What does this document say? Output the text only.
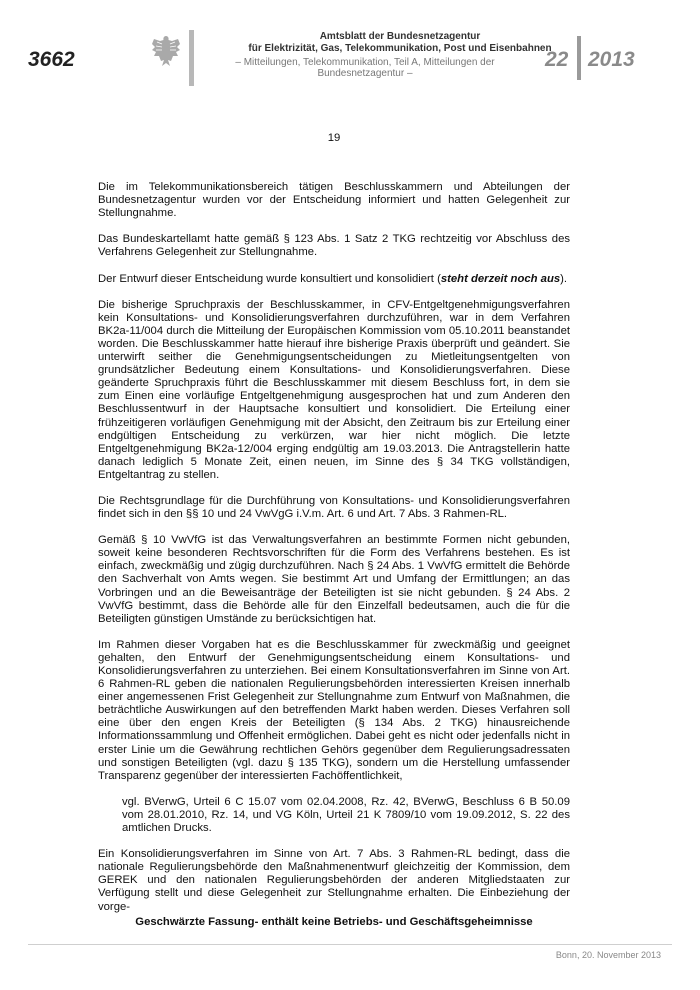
3662
Amtsblatt der Bundesnetzagentur
für Elektrizität, Gas, Telekommunikation, Post und Eisenbahnen
– Mitteilungen, Telekommunikation, Teil A, Mitteilungen der Bundesnetzagentur –
22 2013
19

Die im Telekommunikationsbereich tätigen Beschlusskammern und Abteilungen der Bundesnetzagentur wurden vor der Entscheidung informiert und hatten Gelegenheit zur Stellungnahme.

Das Bundeskartellamt hatte gemäß § 123 Abs. 1 Satz 2 TKG rechtzeitig vor Abschluss des Verfahrens Gelegenheit zur Stellungnahme.

Der Entwurf dieser Entscheidung wurde konsultiert und konsolidiert (steht derzeit noch aus).

Die bisherige Spruchpraxis der Beschlusskammer, in CFV-Entgeltgenehmigungsverfahren kein Konsultations- und Konsolidierungsverfahren durchzuführen, war in dem Verfahren BK2a-11/004 durch die Mitteilung der Europäischen Kommission vom 05.10.2011 beanstandet worden. Die Beschlusskammer hatte hierauf ihre bisherige Praxis überprüft und geändert. Sie unterwirft seither die Genehmigungsentscheidungen zu Mietleitungsentgelten von grundsätzlicher Bedeutung einem Konsultations- und Konsolidierungsverfahren. Diese geänderte Spruchpraxis führt die Beschlusskammer mit diesem Beschluss fort, in dem sie zum Einen eine vorläufige Entgeltgenehmigung ausgesprochen hat und zum Anderen den Beschlussentwurf in der Hauptsache konsultiert und konsolidiert. Die Erteilung einer frühzeitigeren vorläufigen Genehmigung mit der Absicht, den Zeitraum bis zur Erteilung einer endgültigen Entscheidung zu verkürzen, war hier nicht möglich. Die letzte Entgeltgenehmigung BK2a-12/004 erging endgültig am 19.03.2013. Die Antragstellerin hatte danach lediglich 5 Monate Zeit, einen neuen, im Sinne des § 34 TKG vollständigen, Entgeltantrag zu stellen.

Die Rechtsgrundlage für die Durchführung von Konsultations- und Konsolidierungsverfahren findet sich in den §§ 10 und 24 VwVgG i.V.m. Art. 6 und Art. 7 Abs. 3 Rahmen-RL.

Gemäß § 10 VwVfG ist das Verwaltungsverfahren an bestimmte Formen nicht gebunden, soweit keine besonderen Rechtsvorschriften für die Form des Verfahrens bestehen. Es ist einfach, zweckmäßig und zügig durchzuführen. Nach § 24 Abs. 1 VwVfG ermittelt die Behörde den Sachverhalt von Amts wegen. Sie bestimmt Art und Umfang der Ermittlungen; an das Vorbringen und an die Beweisanträge der Beteiligten ist sie nicht gebunden. § 24 Abs. 2 VwVfG bestimmt, dass die Behörde alle für den Einzelfall bedeutsamen, auch die für die Beteiligten günstigen Umstände zu berücksichtigen hat.

Im Rahmen dieser Vorgaben hat es die Beschlusskammer für zweckmäßig und geeignet gehalten, den Entwurf der Genehmigungsentscheidung einem Konsultations- und Konsolidierungsverfahren zu unterziehen. Bei einem Konsultationsverfahren im Sinne von Art. 6 Rahmen-RL geben die nationalen Regulierungsbehörden interessierten Kreisen innerhalb einer angemessenen Frist Gelegenheit zur Stellungnahme zum Entwurf von Maßnahmen, die beträchtliche Auswirkungen auf den betreffenden Markt haben werden. Dieses Verfahren soll eine über den engen Kreis der Beteiligten (§ 134 Abs. 2 TKG) hinausreichende Informationssammlung und Offenheit ermöglichen. Dabei geht es nicht oder jedenfalls nicht in erster Linie um die Gewährung rechtlichen Gehörs gegenüber dem Regulierungsadressaten und sonstigen Beteiligten (vgl. dazu § 135 TKG), sondern um die Herstellung umfassender Transparenz gegenüber der interessierten Fachöffentlichkeit,

vgl. BVerwG, Urteil 6 C 15.07 vom 02.04.2008, Rz. 42, BVerwG, Beschluss 6 B 50.09 vom 28.01.2010, Rz. 14, und VG Köln, Urteil 21 K 7809/10 vom 19.09.2012, S. 22 des amtlichen Drucks.

Ein Konsolidierungsverfahren im Sinne von Art. 7 Abs. 3 Rahmen-RL bedingt, dass die nationale Regulierungsbehörde den Maßnahmenentwurf gleichzeitig der Kommission, dem GEREK und den nationalen Regulierungsbehörden der anderen Mitgliedstaaten zur Verfügung stellt und diese Gelegenheit zur Stellungnahme erhalten. Die Einbeziehung der vorge-

Geschwärzte Fassung- enthält keine Betriebs- und Geschäftsgeheimnisse

Bonn, 20. November 2013
